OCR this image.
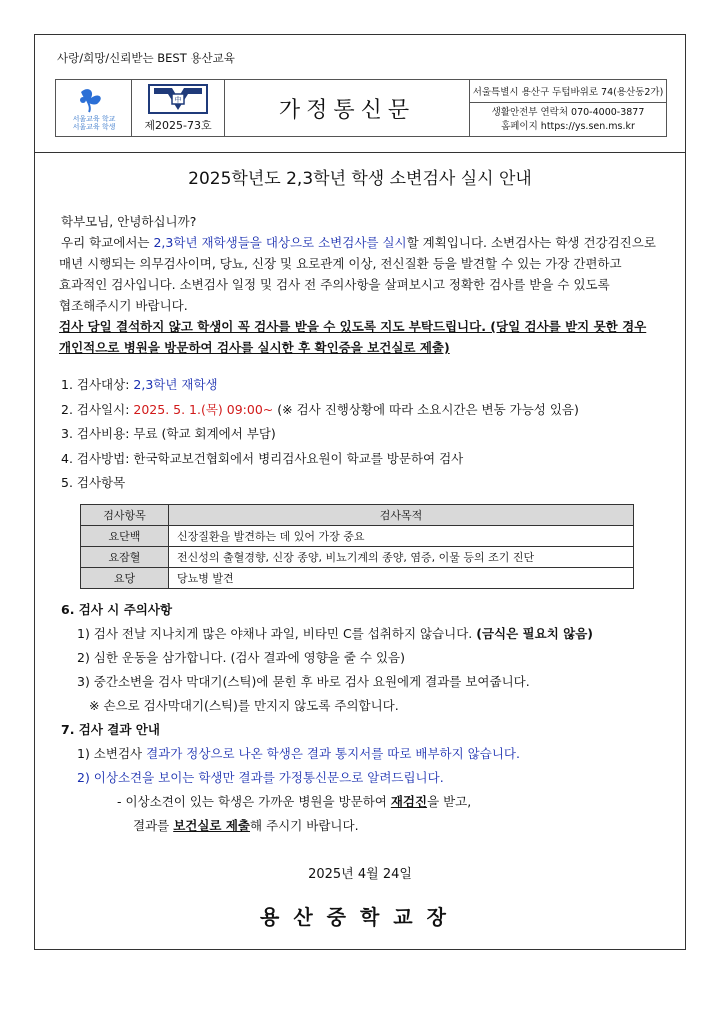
사랑/희망/신뢰받는 BEST 용산교육
서울교육 학교
서울교육 학생
中
제2025-73호
가정통신문
서울특별시 용산구 두텁바위로 74(용산동2가)
생활안전부 연락처 070-4000-3877
홈페이지 https://ys.sen.ms.kr
2025학년도 2,3학년 학생 소변검사 실시 안내

학부모님, 안녕하십니까?

우리 학교에서는 2,3학년 재학생들을 대상으로 소변검사를 실시할 계획입니다. 소변검사는 학생 건강검진으로

매년 시행되는 의무검사이며, 당뇨, 신장 및 요로관계 이상, 전신질환 등을 발견할 수 있는 가장 간편하고

효과적인 검사입니다. 소변검사 일정 및 검사 전 주의사항을 살펴보시고 정확한 검사를 받을 수 있도록

협조해주시기 바랍니다.

검사 당일 결석하지 않고 학생이 꼭 검사를 받을 수 있도록 지도 부탁드립니다. (당일 검사를 받지 못한 경우

개인적으로 병원을 방문하여 검사를 실시한 후 확인증을 보건실로 제출)

1. 검사대상: 2,3학년 재학생
2. 검사일시: 2025. 5. 1.(목) 09:00~ (※ 검사 진행상황에 따라 소요시간은 변동 가능성 있음)
3. 검사비용: 무료 (학교 회계에서 부담)
4. 검사방법: 한국학교보건협회에서 병리검사요원이 학교를 방문하여 검사
5. 검사항목
검사항목	검사목적
요단백	신장질환을 발견하는 데 있어 가장 중요
요잠혈	전신성의 출혈경향, 신장 종양, 비뇨기계의 종양, 염증, 이물 등의 조기 진단
요당	당뇨병 발견
6. 검사 시 주의사항
1) 검사 전날 지나치게 많은 야채나 과일, 비타민 C를 섭취하지 않습니다. (금식은 필요치 않음)
2) 심한 운동을 삼가합니다. (검사 결과에 영향을 줄 수 있음)
3) 중간소변을 검사 막대기(스틱)에 묻힌 후 바로 검사 요원에게 결과를 보여줍니다.
※ 손으로 검사막대기(스틱)를 만지지 않도록 주의합니다.
7. 검사 결과 안내
1) 소변검사 결과가 정상으로 나온 학생은 결과 통지서를 따로 배부하지 않습니다.
2) 이상소견을 보이는 학생만 결과를 가정통신문으로 알려드립니다.
- 이상소견이 있는 학생은 가까운 병원을 방문하여 재검진을 받고,
결과를 보건실로 제출해 주시기 바랍니다.
2025년 4월 24일
용산중학교장
